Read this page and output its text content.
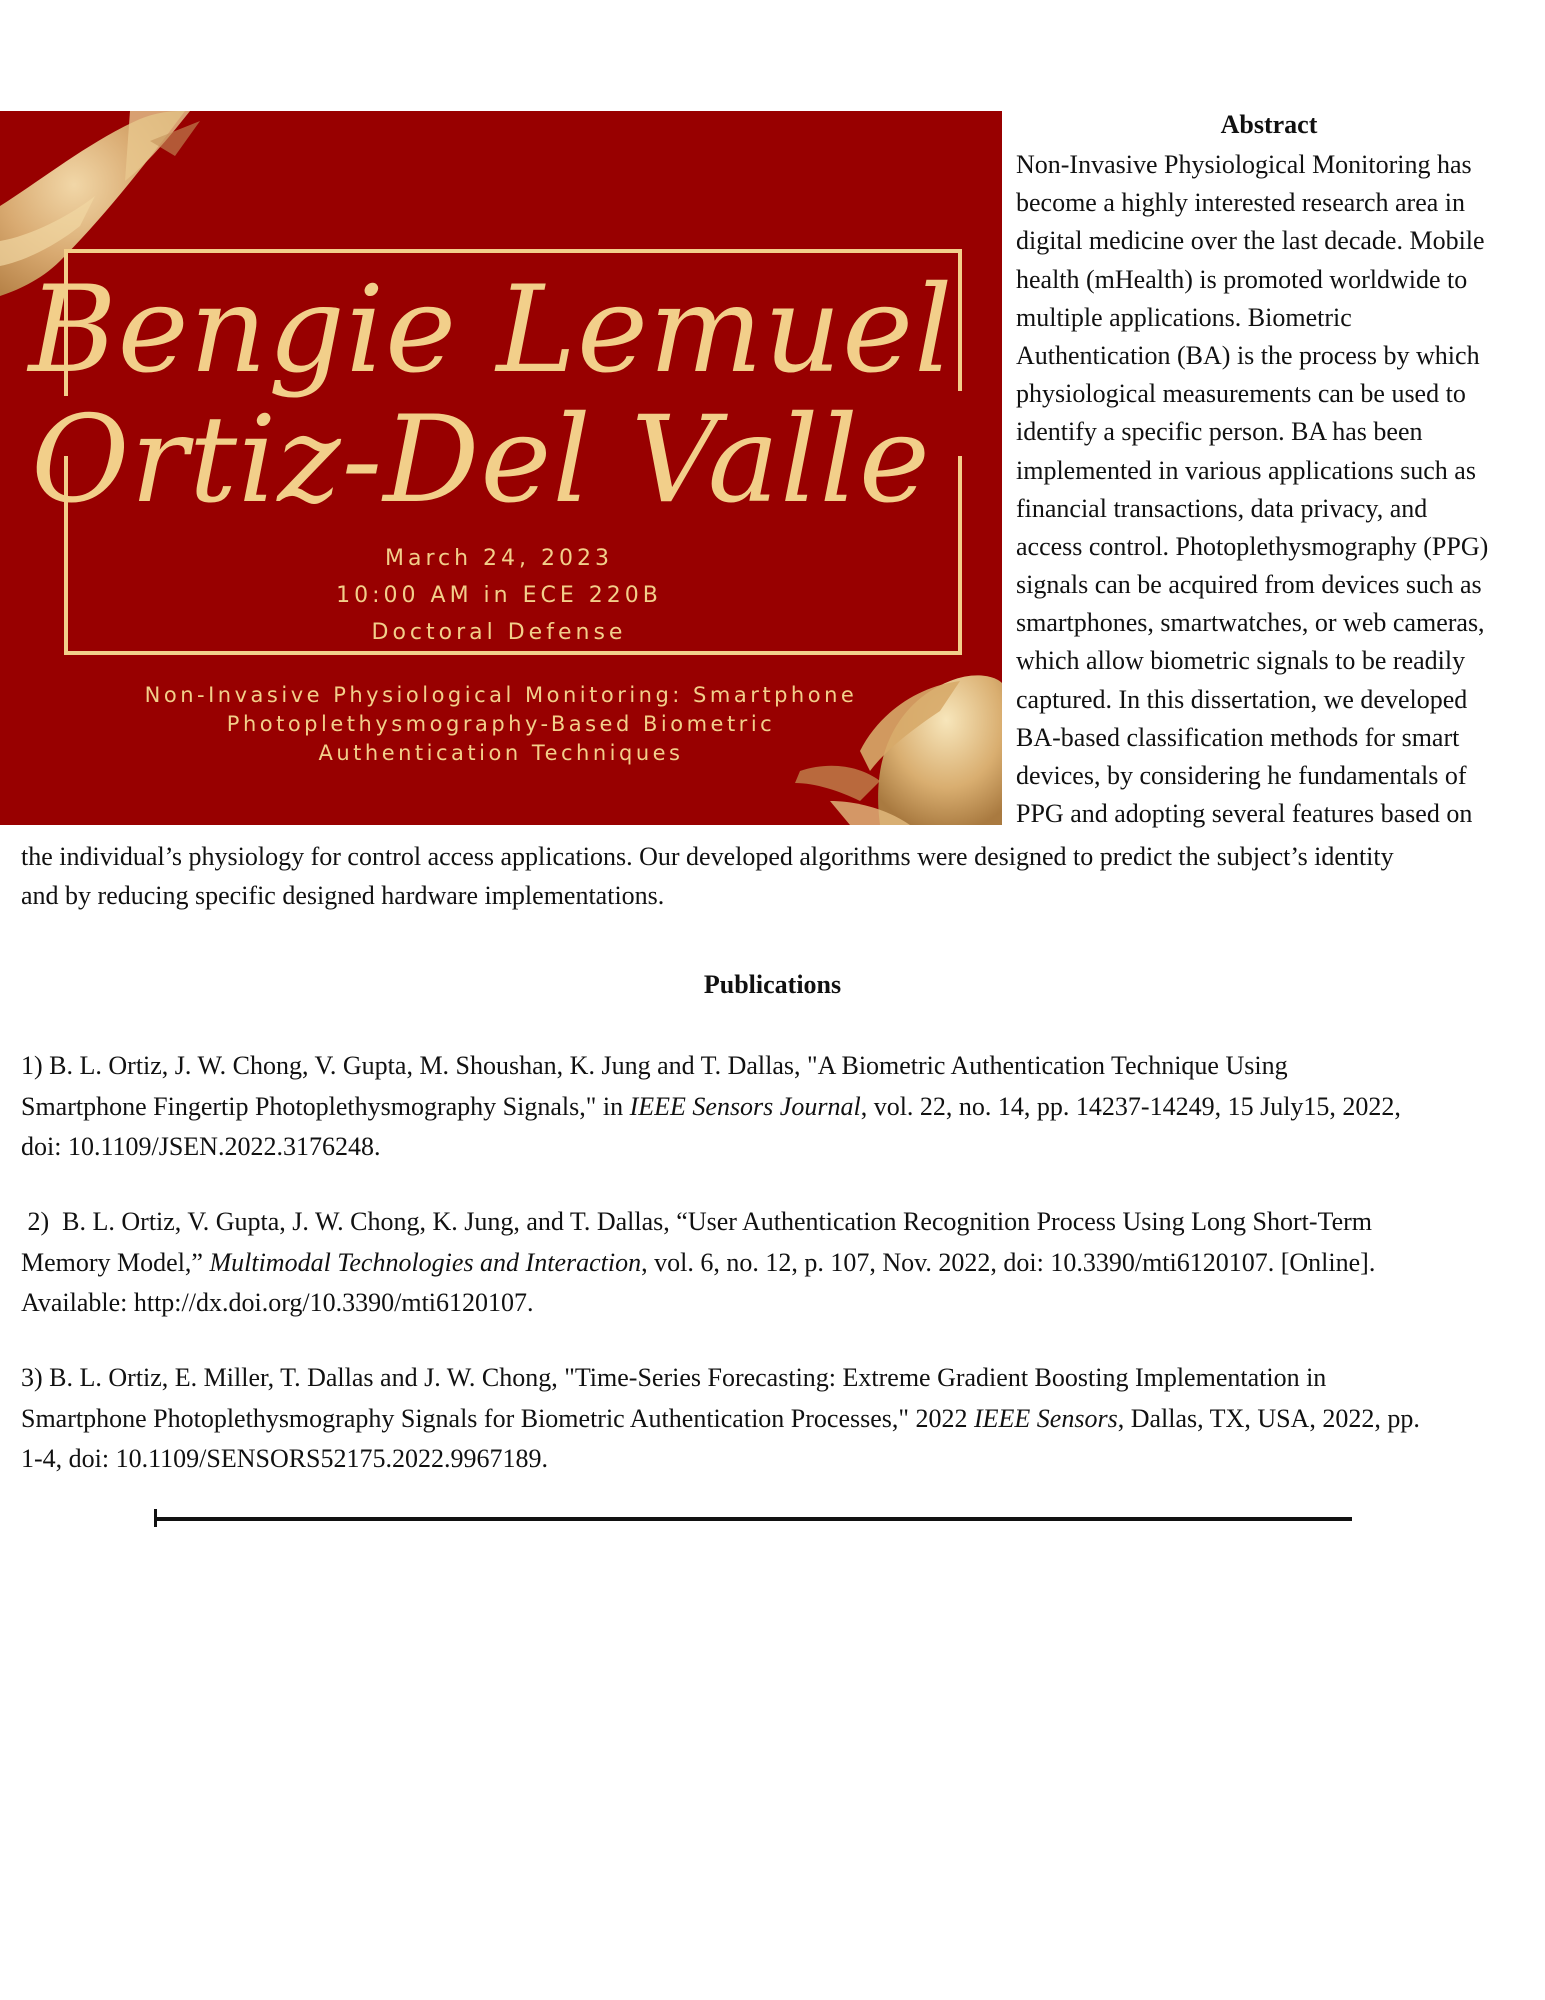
Bengie Lemuel
Ortiz-Del Valle
March 24, 2023
10:00 AM in ECE 220B
Doctoral Defense
Non-Invasive Physiological Monitoring: Smartphone
Photoplethysmography-Based Biometric
Authentication Techniques
Abstract
Non-Invasive Physiological Monitoring has
become a highly interested research area in
digital medicine over the last decade. Mobile
health (mHealth) is promoted worldwide to
multiple applications. Biometric
Authentication (BA) is the process by which
physiological measurements can be used to
identify a specific person. BA has been
implemented in various applications such as
financial transactions, data privacy, and
access control. Photoplethysmography (PPG)
signals can be acquired from devices such as
smartphones, smartwatches, or web cameras,
which allow biometric signals to be readily
captured. In this dissertation, we developed
BA-based classification methods for smart
devices, by considering he fundamentals of
PPG and adopting several features based on
the individual’s physiology for control access applications. Our developed algorithms were designed to predict the subject’s identity
and by reducing specific designed hardware implementations.
Publications
1) B. L. Ortiz, J. W. Chong, V. Gupta, M. Shoushan, K. Jung and T. Dallas, "A Biometric Authentication Technique Using
Smartphone Fingertip Photoplethysmography Signals," in IEEE Sensors Journal, vol. 22, no. 14, pp. 14237-14249, 15 July15, 2022,
doi: 10.1109/JSEN.2022.3176248.
2)  B. L. Ortiz, V. Gupta, J. W. Chong, K. Jung, and T. Dallas, “User Authentication Recognition Process Using Long Short-Term
Memory Model,” Multimodal Technologies and Interaction, vol. 6, no. 12, p. 107, Nov. 2022, doi: 10.3390/mti6120107. [Online].
Available: http://dx.doi.org/10.3390/mti6120107.
3) B. L. Ortiz, E. Miller, T. Dallas and J. W. Chong, "Time-Series Forecasting: Extreme Gradient Boosting Implementation in
Smartphone Photoplethysmography Signals for Biometric Authentication Processes," 2022 IEEE Sensors, Dallas, TX, USA, 2022, pp.
1-4, doi: 10.1109/SENSORS52175.2022.9967189.
